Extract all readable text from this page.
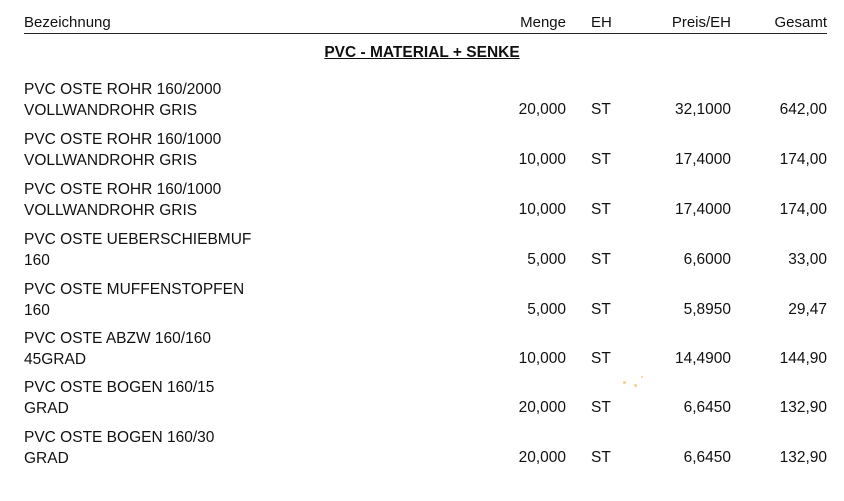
Bezeichnung	Menge EH	Preis/EH	Gesamt
PVC - MATERIAL + SENKE
PVC OSTE ROHR 160/2000
VOLLWANDROHR GRIS	20,000 ST	32,1000	642,00
PVC OSTE ROHR 160/1000
VOLLWANDROHR GRIS	10,000 ST	17,4000	174,00
PVC OSTE ROHR 160/1000
VOLLWANDROHR GRIS	10,000 ST	17,4000	174,00
PVC OSTE UEBERSCHIEBMUF
160	5,000 ST	6,6000	33,00
PVC OSTE MUFFENSTOPFEN
160	5,000 ST	5,8950	29,47
PVC OSTE ABZW 160/160
45GRAD	10,000 ST	14,4900	144,90
PVC OSTE BOGEN 160/15
GRAD	20,000 ST	6,6450	132,90
PVC OSTE BOGEN 160/30
GRAD	20,000 ST	6,6450	132,90
